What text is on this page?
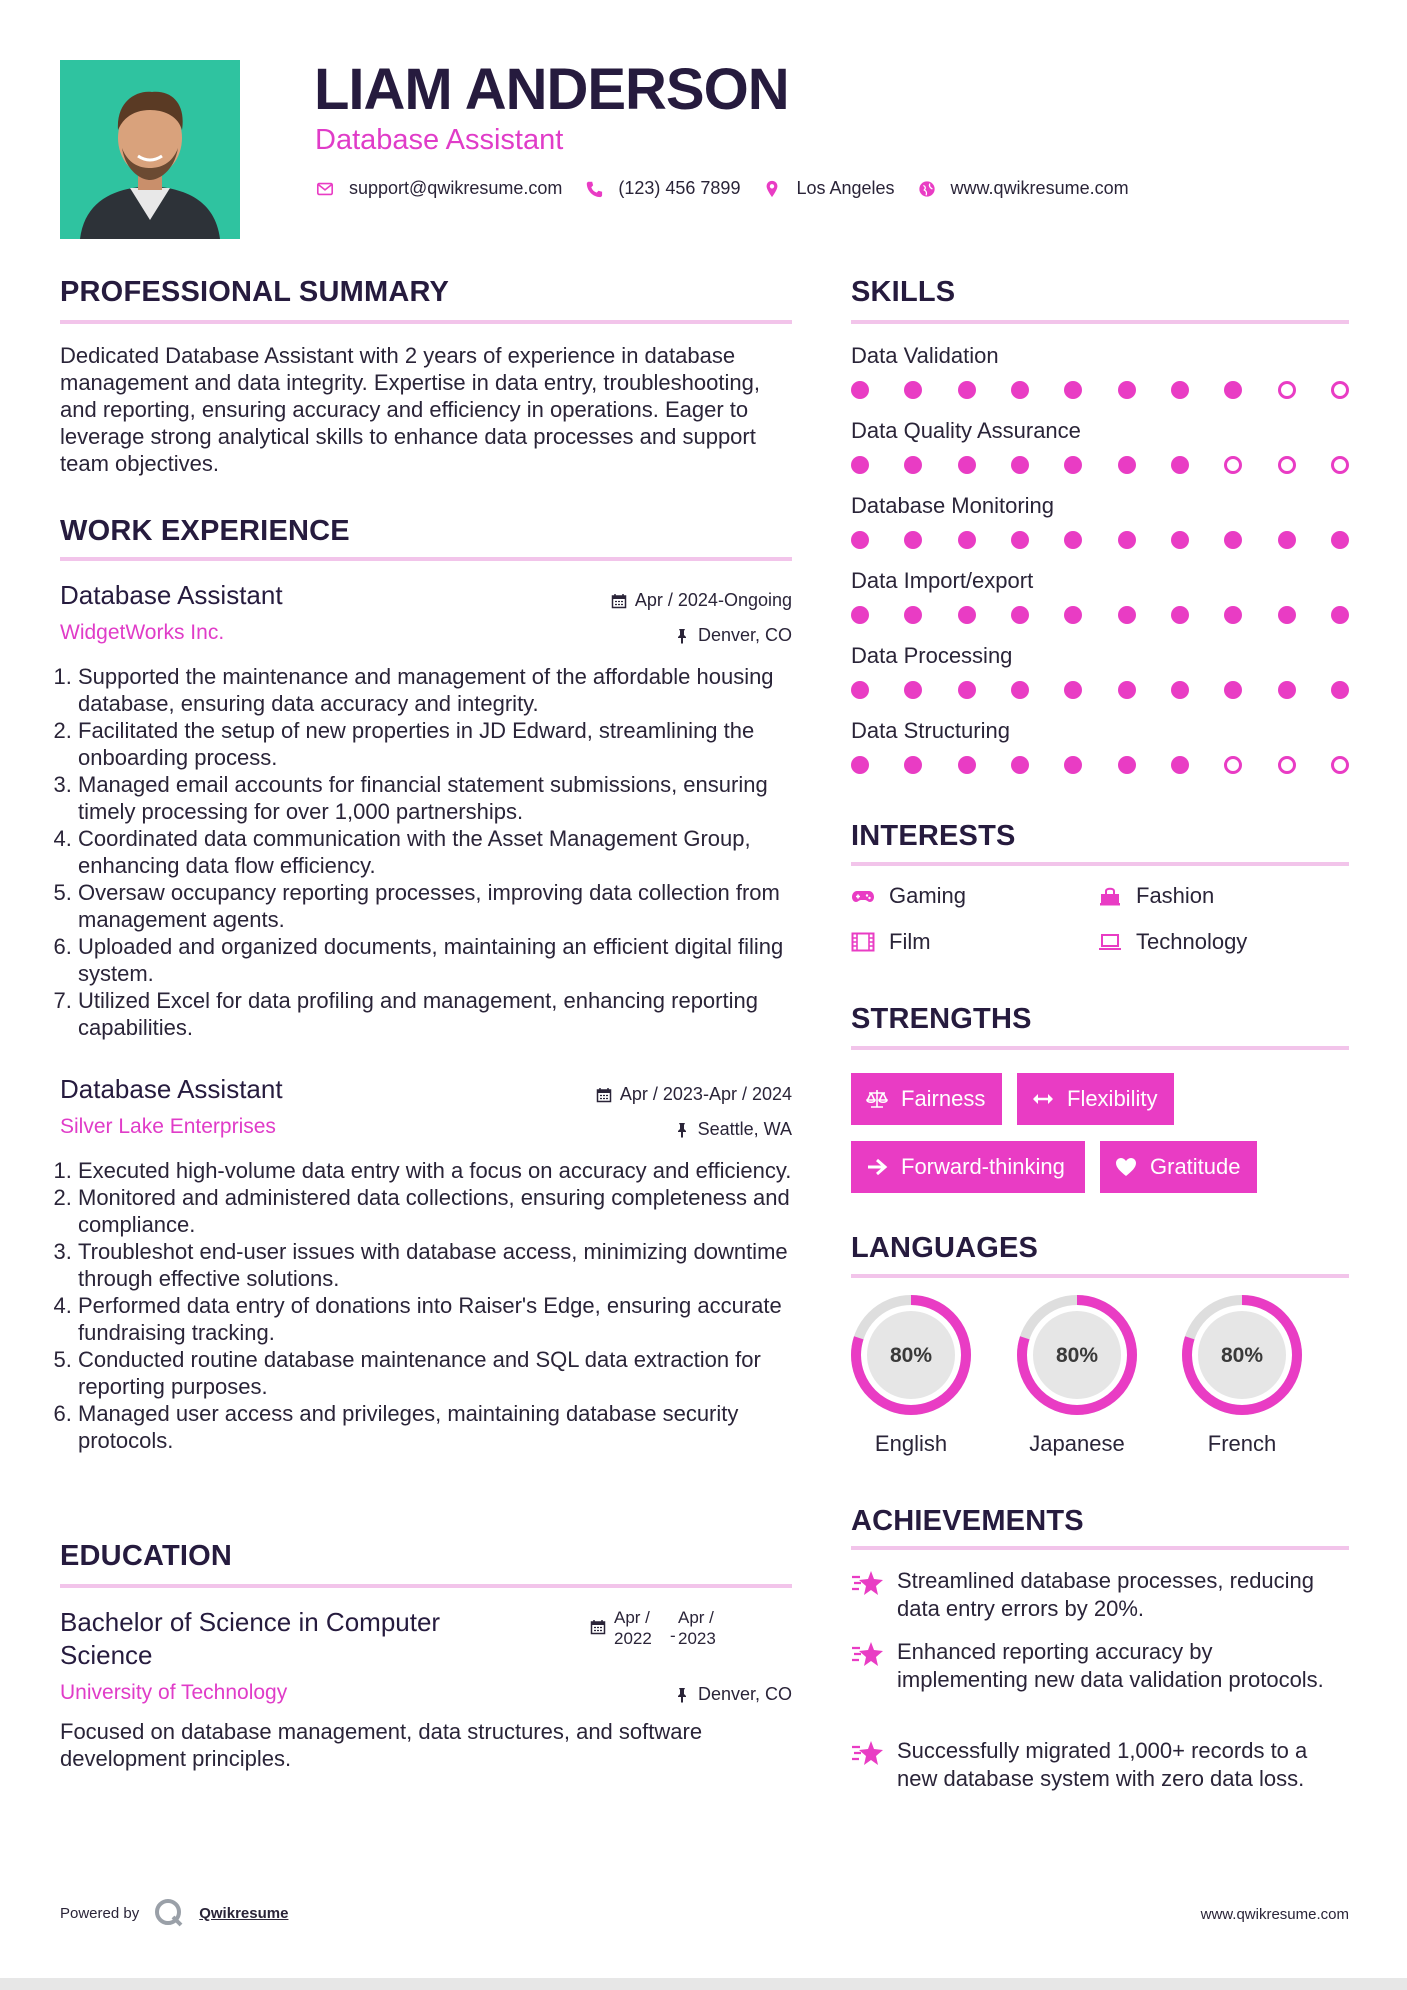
LIAM ANDERSON
Database Assistant
support@qwikresume.com	(123) 456 7899	Los Angeles	www.qwikresume.com
PROFESSIONAL SUMMARY
Dedicated Database Assistant with 2 years of experience in database management and data integrity. Expertise in data entry, troubleshooting, and reporting, ensuring accuracy and efficiency in operations. Eager to leverage strong analytical skills to enhance data processes and support team objectives.
WORK EXPERIENCE
Database Assistant	Apr / 2024-Ongoing
WidgetWorks Inc.	Denver, CO
1. Supported the maintenance and management of the affordable housing database, ensuring data accuracy and integrity.
2. Facilitated the setup of new properties in JD Edward, streamlining the onboarding process.
3. Managed email accounts for financial statement submissions, ensuring timely processing for over 1,000 partnerships.
4. Coordinated data communication with the Asset Management Group, enhancing data flow efficiency.
5. Oversaw occupancy reporting processes, improving data collection from management agents.
6. Uploaded and organized documents, maintaining an efficient digital filing system.
7. Utilized Excel for data profiling and management, enhancing reporting capabilities.
Database Assistant	Apr / 2023-Apr / 2024
Silver Lake Enterprises	Seattle, WA
1. Executed high-volume data entry with a focus on accuracy and efficiency.
2. Monitored and administered data collections, ensuring completeness and compliance.
3. Troubleshot end-user issues with database access, minimizing downtime through effective solutions.
4. Performed data entry of donations into Raiser's Edge, ensuring accurate fundraising tracking.
5. Conducted routine database maintenance and SQL data extraction for reporting purposes.
6. Managed user access and privileges, maintaining database security protocols.
EDUCATION
Bachelor of Science in Computer
Science
Apr /
2022	-
Apr /
2023
University of Technology	Denver, CO
Focused on database management, data structures, and software development principles.
SKILLS
Data Validation
Data Quality Assurance
Database Monitoring
Data Import/export
Data Processing
Data Structuring
INTERESTS
Gaming	Fashion
Film	Technology
STRENGTHS
Fairness	Flexibility
Forward-thinking	Gratitude
LANGUAGES
80%
English
80%
Japanese
80%
French
ACHIEVEMENTS
Streamlined database processes, reducing data entry errors by 20%.
Enhanced reporting accuracy by implementing new data validation protocols.
Successfully migrated 1,000+ records to a new database system with zero data loss.
Powered by	Qwikresume	www.qwikresume.com
